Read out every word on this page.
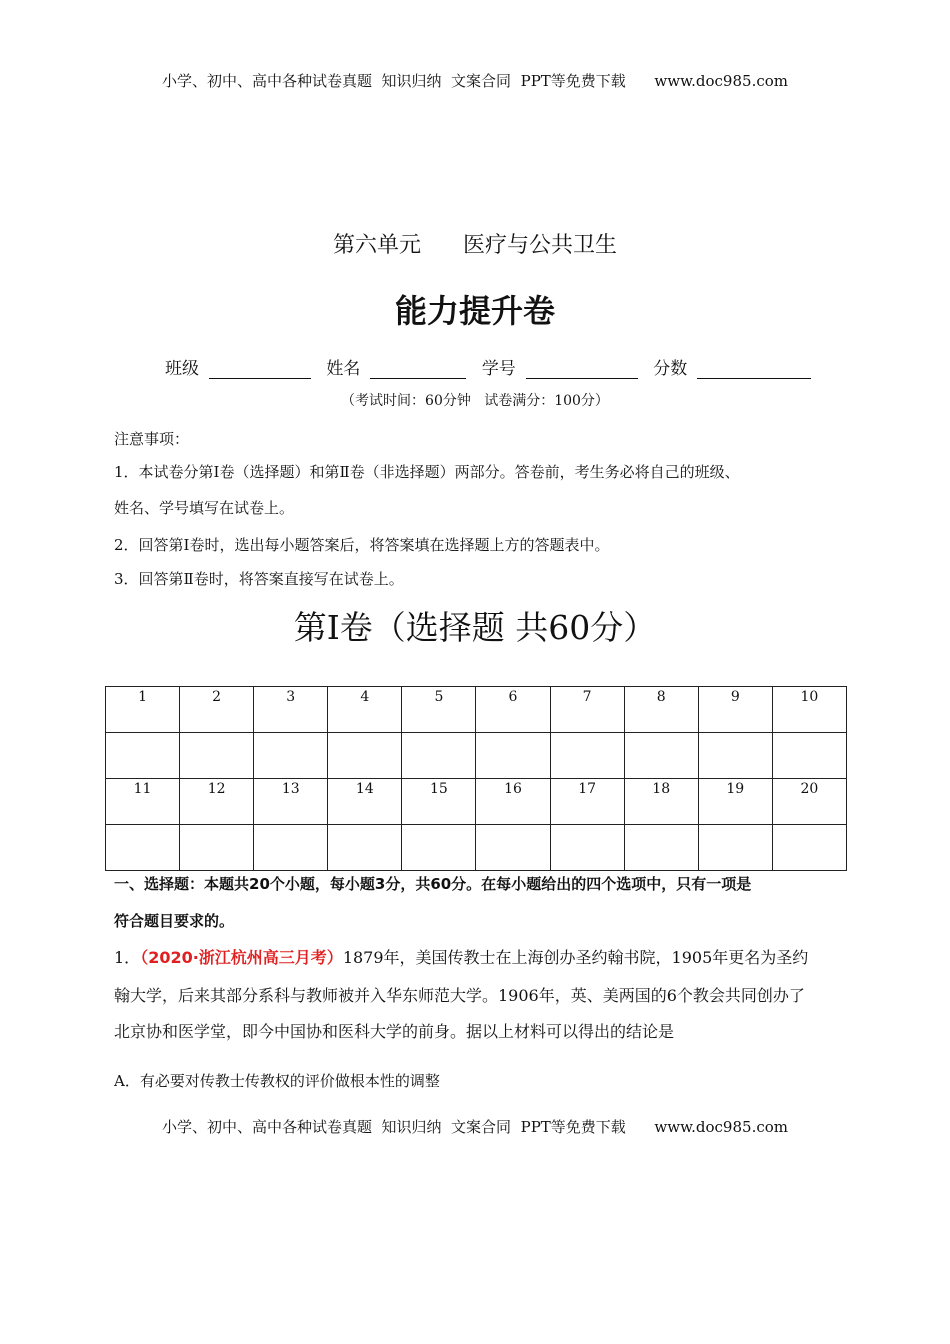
小学、初中、高中各种试卷真题  知识归纳  文案合同  PPT等免费下载      www.doc985.com
第六单元      医疗与公共卫生
能力提升卷
班级	姓名	学号	分数
（考试时间：60分钟   试卷满分：100分）
注意事项：
1．本试卷分第Ⅰ卷（选择题）和第Ⅱ卷（非选择题）两部分。答卷前，考生务必将自己的班级、
姓名、学号填写在试卷上。
2．回答第Ⅰ卷时，选出每小题答案后，将答案填在选择题上方的答题表中。
3．回答第Ⅱ卷时，将答案直接写在试卷上。
第Ⅰ卷（选择题 共60分）
1	2	3	4	5	6	7	8	9	10

11	12	13	14	15	16	17	18	19	20

一、选择题：本题共20个小题，每小题3分，共60分。在每小题给出的四个选项中，只有一项是
符合题目要求的。
1．（2020·浙江杭州高三月考）1879年，美国传教士在上海创办圣约翰书院，1905年更名为圣约
翰大学，后来其部分系科与教师被并入华东师范大学。1906年，英、美两国的6个教会共同创办了
北京协和医学堂，即今中国协和医科大学的前身。据以上材料可以得出的结论是
A．有必要对传教士传教权的评价做根本性的调整
小学、初中、高中各种试卷真题  知识归纳  文案合同  PPT等免费下载      www.doc985.com
